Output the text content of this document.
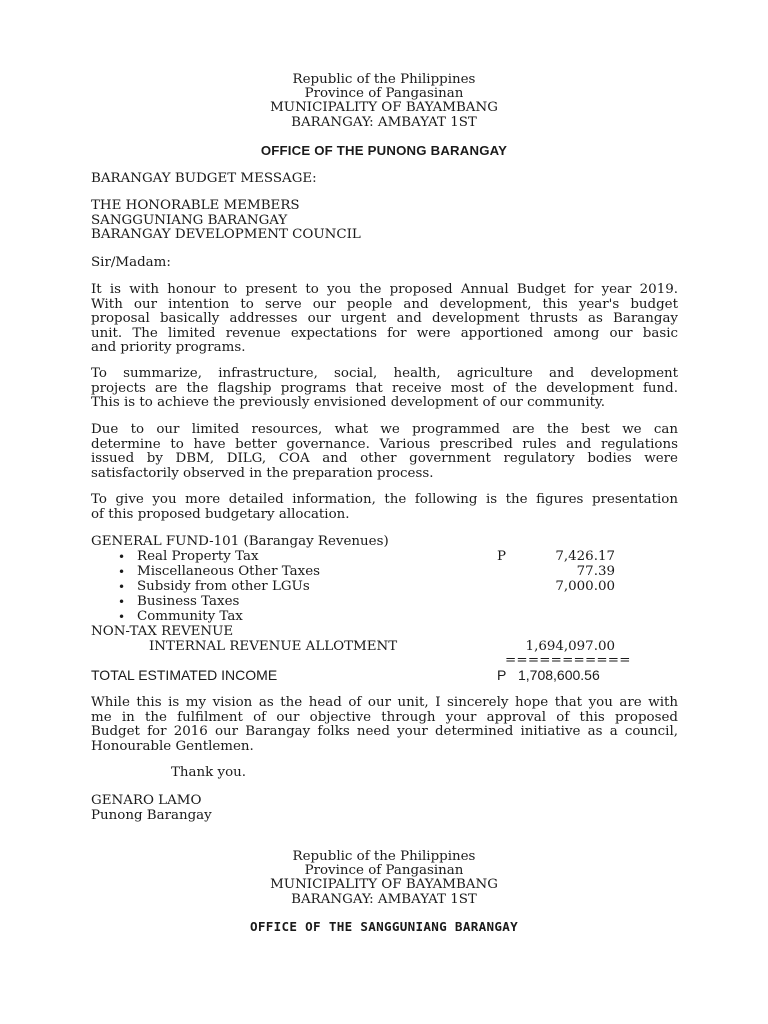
Republic of the Philippines
Province of Pangasinan
MUNICIPALITY OF BAYAMBANG
BARANGAY: AMBAYAT 1ST
OFFICE OF THE PUNONG BARANGAY
BARANGAY BUDGET MESSAGE:
THE HONORABLE MEMBERS
SANGGUNIANG BARANGAY
BARANGAY DEVELOPMENT COUNCIL
Sir/Madam:
It is with honour to present to you the proposed Annual Budget for year 2019.
With our intention to serve our people and development, this year's budget
proposal basically addresses our urgent and development thrusts as Barangay
unit. The limited revenue expectations for were apportioned among our basic
and priority programs.
To summarize, infrastructure, social, health, agriculture and development
projects are the flagship programs that receive most of the development fund.
This is to achieve the previously envisioned development of our community.
Due to our limited resources, what we programmed are the best we can
determine to have better governance. Various prescribed rules and regulations
issued by DBM, DILG, COA and other government regulatory bodies were
satisfactorily observed in the preparation process.
To give you more detailed information, the following is the figures presentation
of this proposed budgetary allocation.
GENERAL FUND-101 (Barangay Revenues)
• Real Property Tax	P	7,426.17
• Miscellaneous Other Taxes	77.39
• Subsidy from other LGUs	7,000.00
• Business Taxes
• Community Tax
NON-TAX REVENUE
INTERNAL REVENUE ALLOTMENT	1,694,097.00
===========
TOTAL ESTIMATED INCOME	P 1,708,600.56
While this is my vision as the head of our unit, I sincerely hope that you are with
me in the fulfilment of our objective through your approval of this proposed
Budget for 2016 our Barangay folks need your determined initiative as a council,
Honourable Gentlemen.
Thank you.
GENARO LAMO
Punong Barangay
Republic of the Philippines
Province of Pangasinan
MUNICIPALITY OF BAYAMBANG
BARANGAY: AMBAYAT 1ST
OFFICE OF THE SANGGUNIANG BARANGAY
